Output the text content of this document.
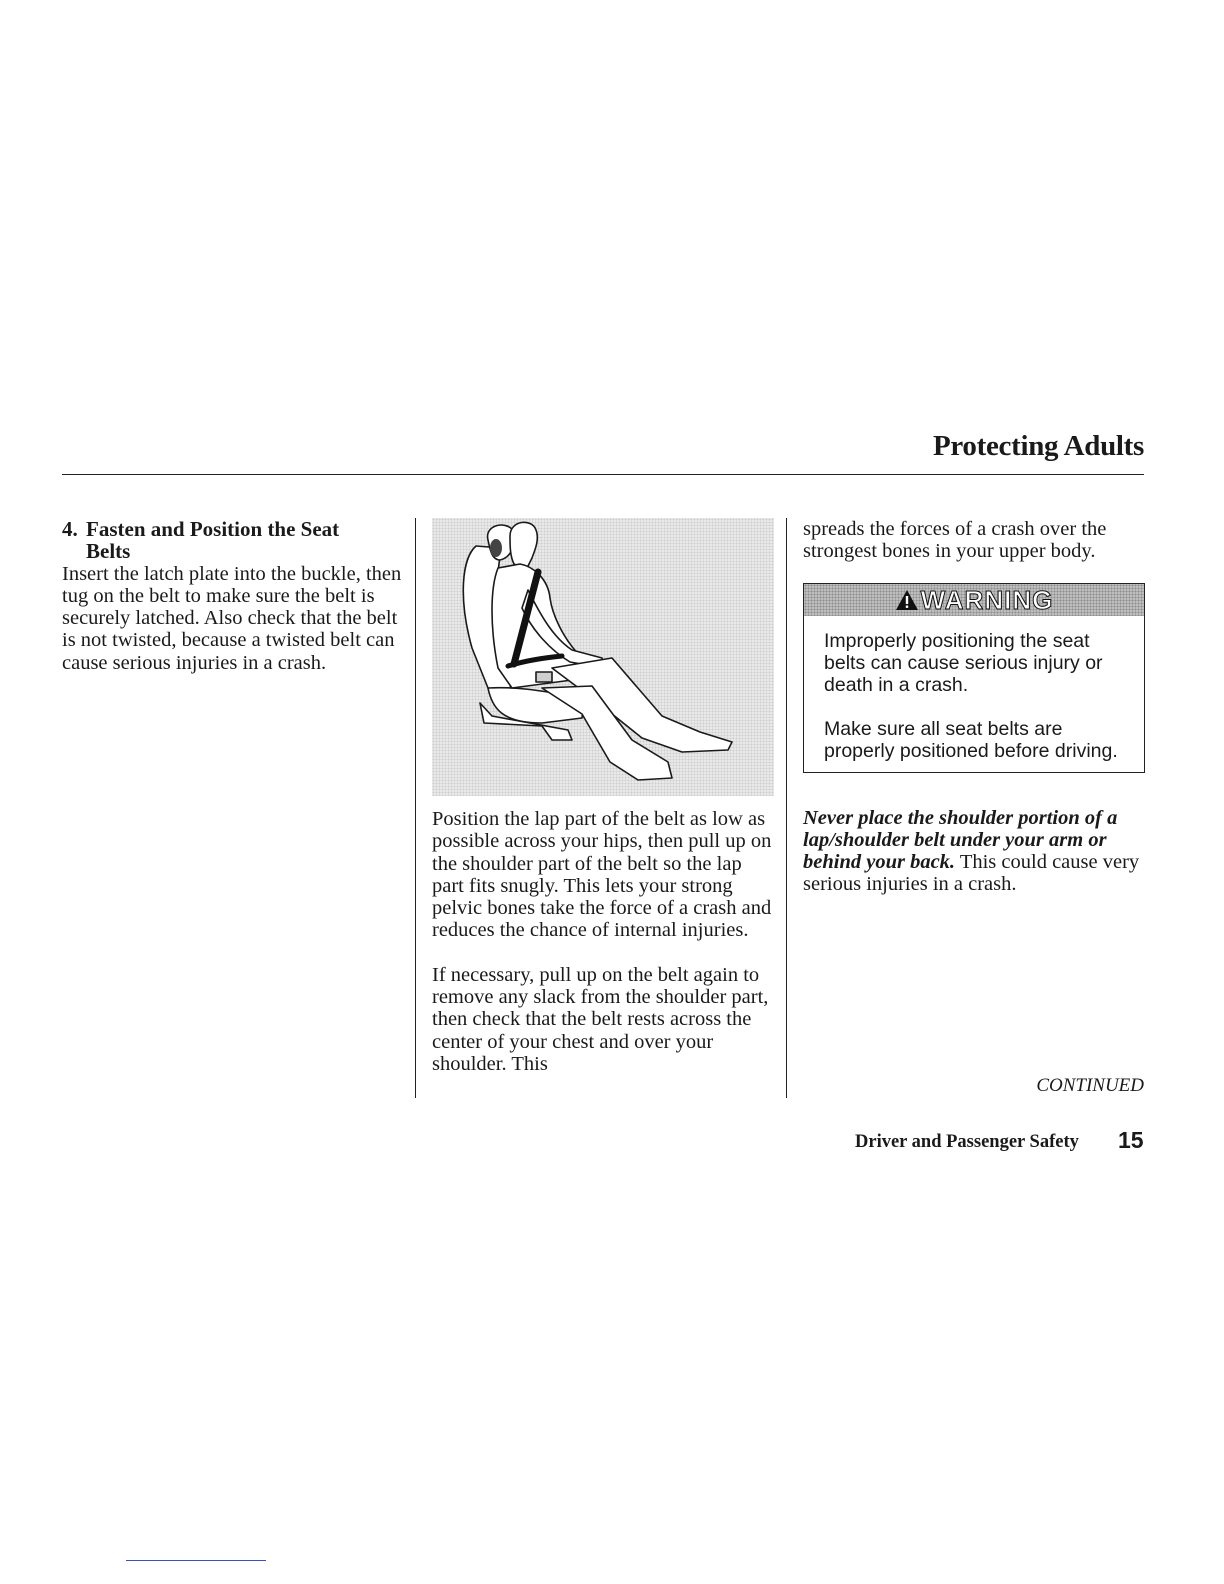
Protecting Adults
4. Fasten and Position the Seat
Belts

Insert the latch plate into the buckle, then tug on the belt to make sure the belt is securely latched. Also check that the belt is not twisted, because a twisted belt can cause serious injuries in a crash.

Position the lap part of the belt as low as possible across your hips, then pull up on the shoulder part of the belt so the lap part fits snugly. This lets your strong pelvic bones take the force of a crash and reduces the chance of internal injuries.

If necessary, pull up on the belt again to remove any slack from the shoulder part, then check that the belt rests across the center of your chest and over your shoulder. This

spreads the forces of a crash over the strongest bones in your upper body.

WARNING

Improperly positioning the seat belts can cause serious injury or death in a crash.

Make sure all seat belts are properly positioned before driving.

Never place the shoulder portion of a lap/shoulder belt under your arm or behind your back. This could cause very serious injuries in a crash.

CONTINUED
Driver and Passenger Safety 15
